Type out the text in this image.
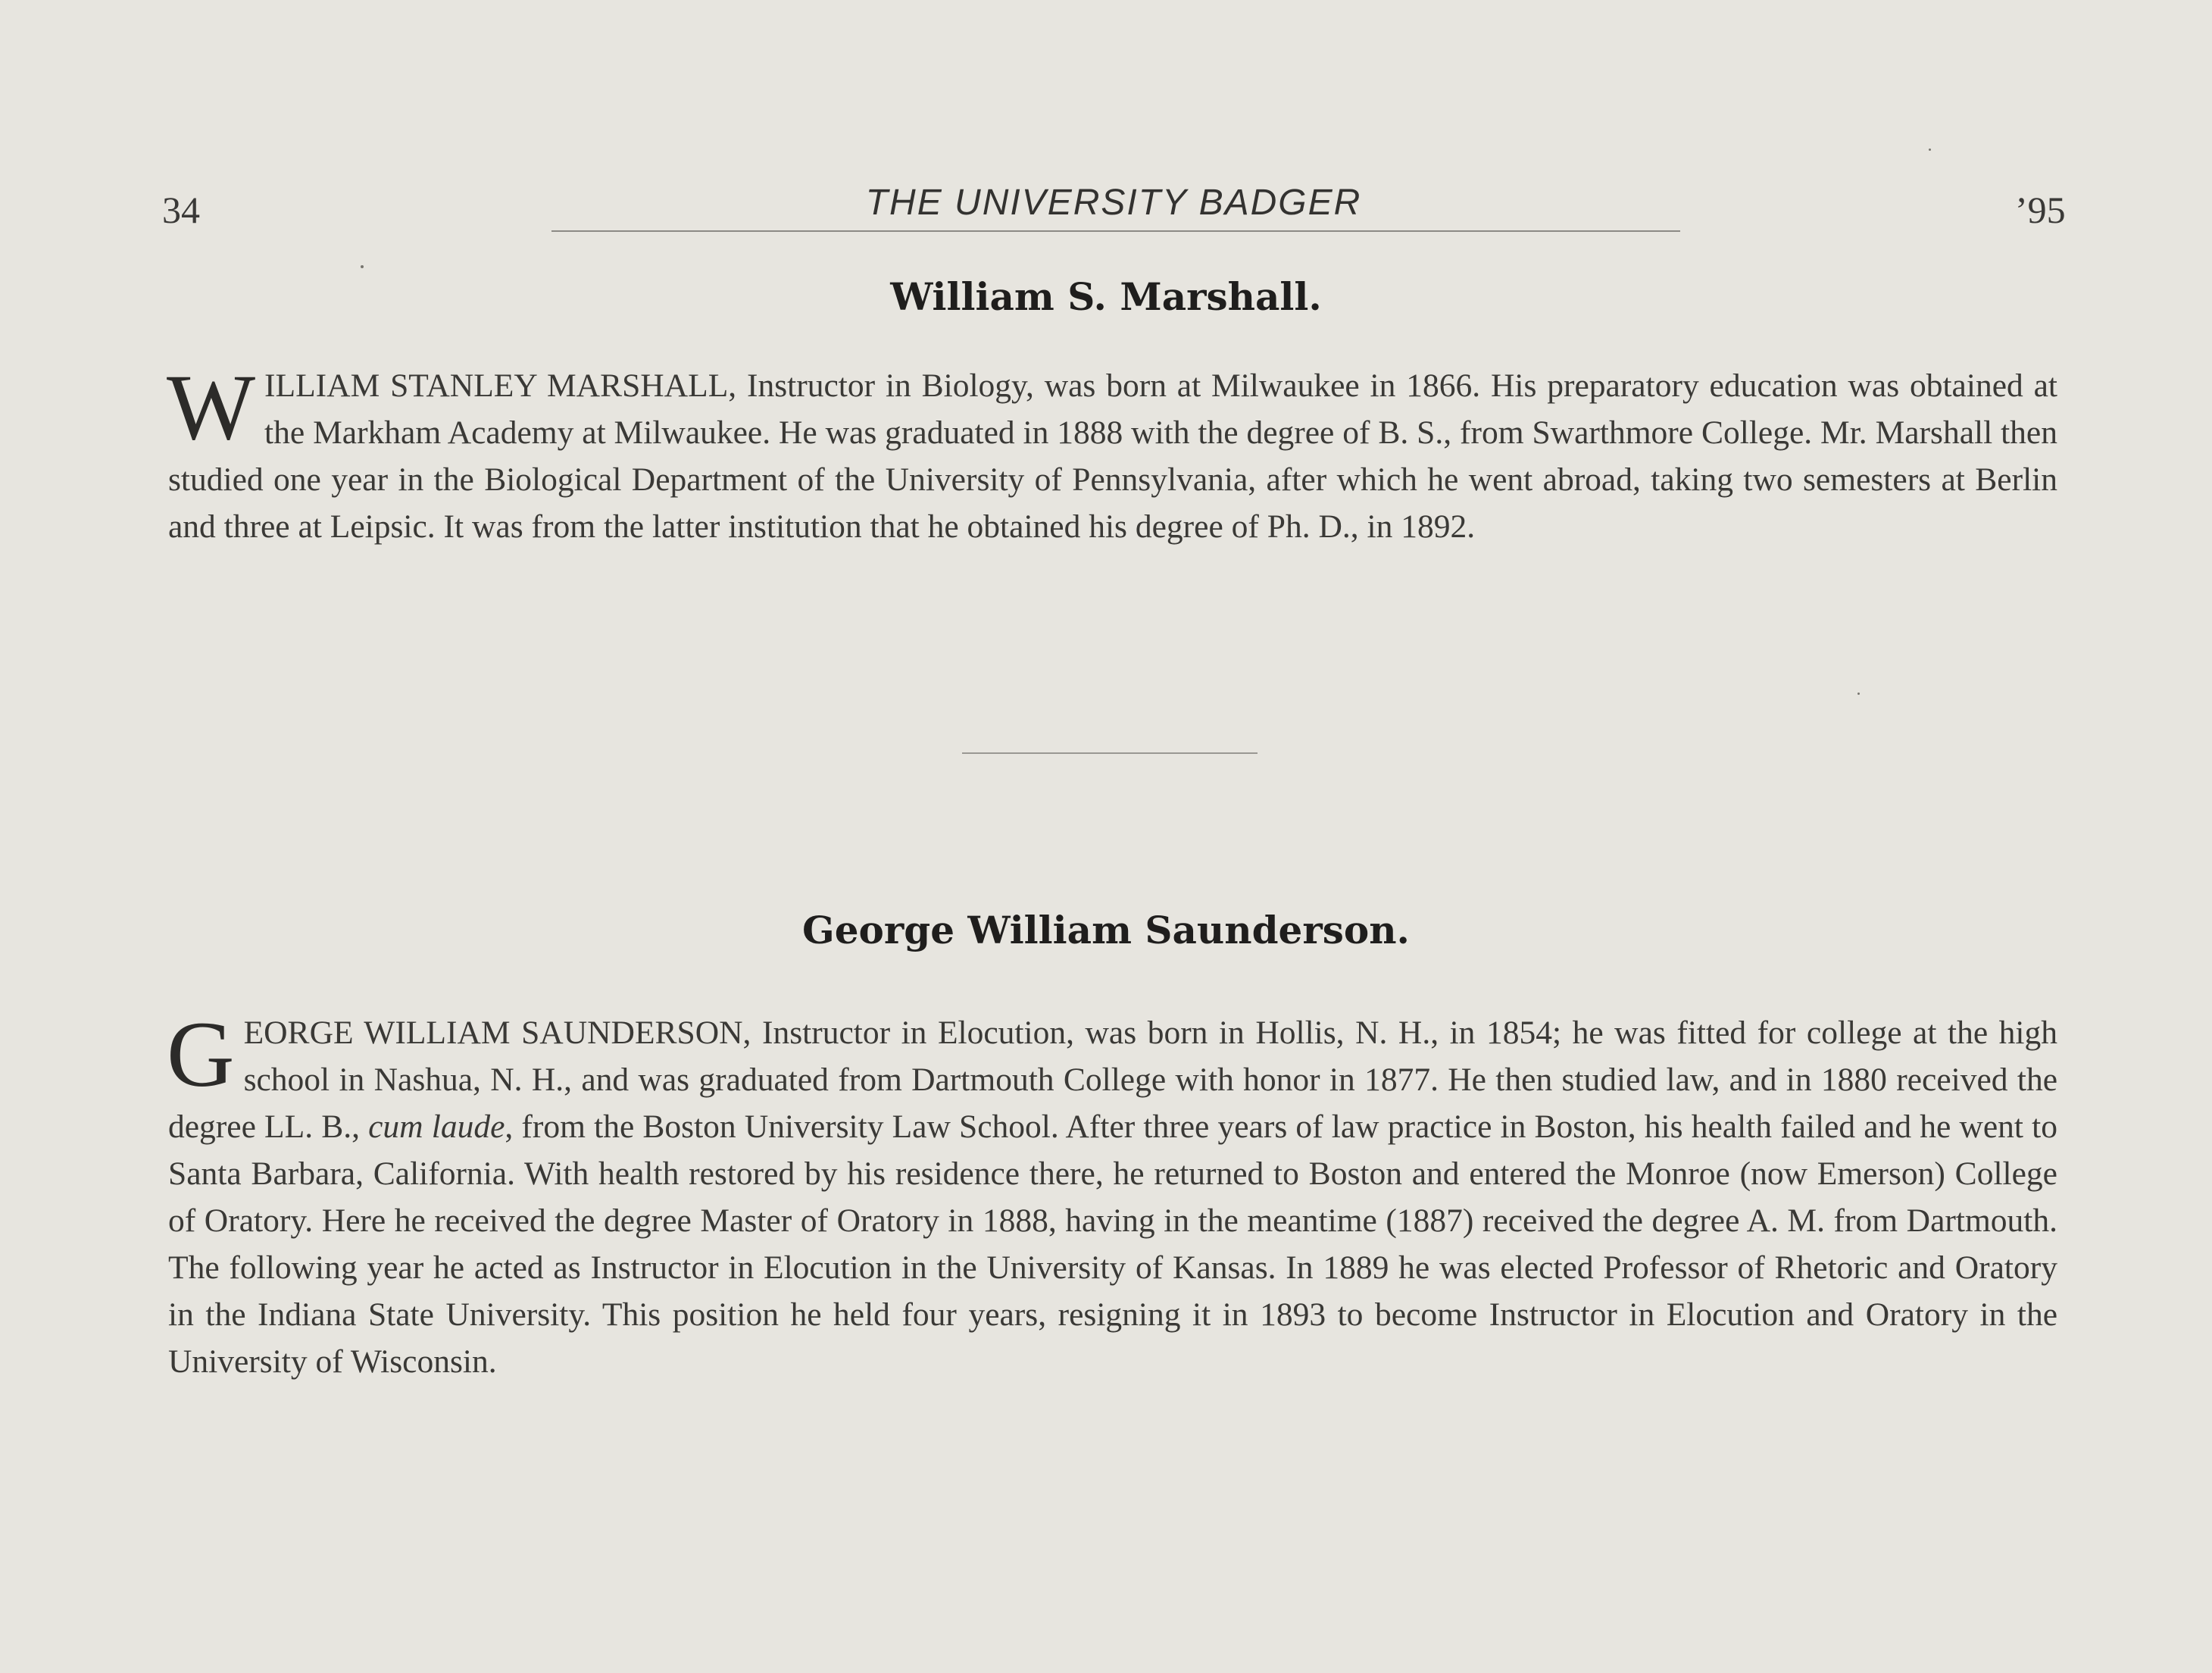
34	THE UNIVERSITY BADGER	’95
William S. Marshall.
WILLIAM STANLEY MARSHALL, Instructor in Biology, was born at Milwaukee in 1866. His preparatory education was obtained at the Markham Academy at Milwaukee. He was graduated in 1888 with the degree of B. S., from Swarthmore College. Mr. Marshall then studied one year in the Biological Department of the University of Pennsylvania, after which he went abroad, taking two semesters at Berlin and three at Leipsic. It was from the latter institution that he obtained his degree of Ph. D., in 1892.
George William Saunderson.
GEORGE WILLIAM SAUNDERSON, Instructor in Elocution, was born in Hollis, N. H., in 1854; he was fitted for college at the high school in Nashua, N. H., and was graduated from Dartmouth College with honor in 1877. He then studied law, and in 1880 received the degree LL. B., cum laude, from the Boston University Law School. After three years of law practice in Boston, his health failed and he went to Santa Barbara, California. With health restored by his residence there, he returned to Boston and entered the Monroe (now Emerson) College of Oratory. Here he received the degree Master of Oratory in 1888, having in the meantime (1887) received the degree A. M. from Dartmouth. The following year he acted as Instructor in Elocution in the University of Kansas. In 1889 he was elected Professor of Rhetoric and Oratory in the Indiana State University. This position he held four years, resigning it in 1893 to become Instructor in Elocution and Oratory in the University of Wisconsin.
